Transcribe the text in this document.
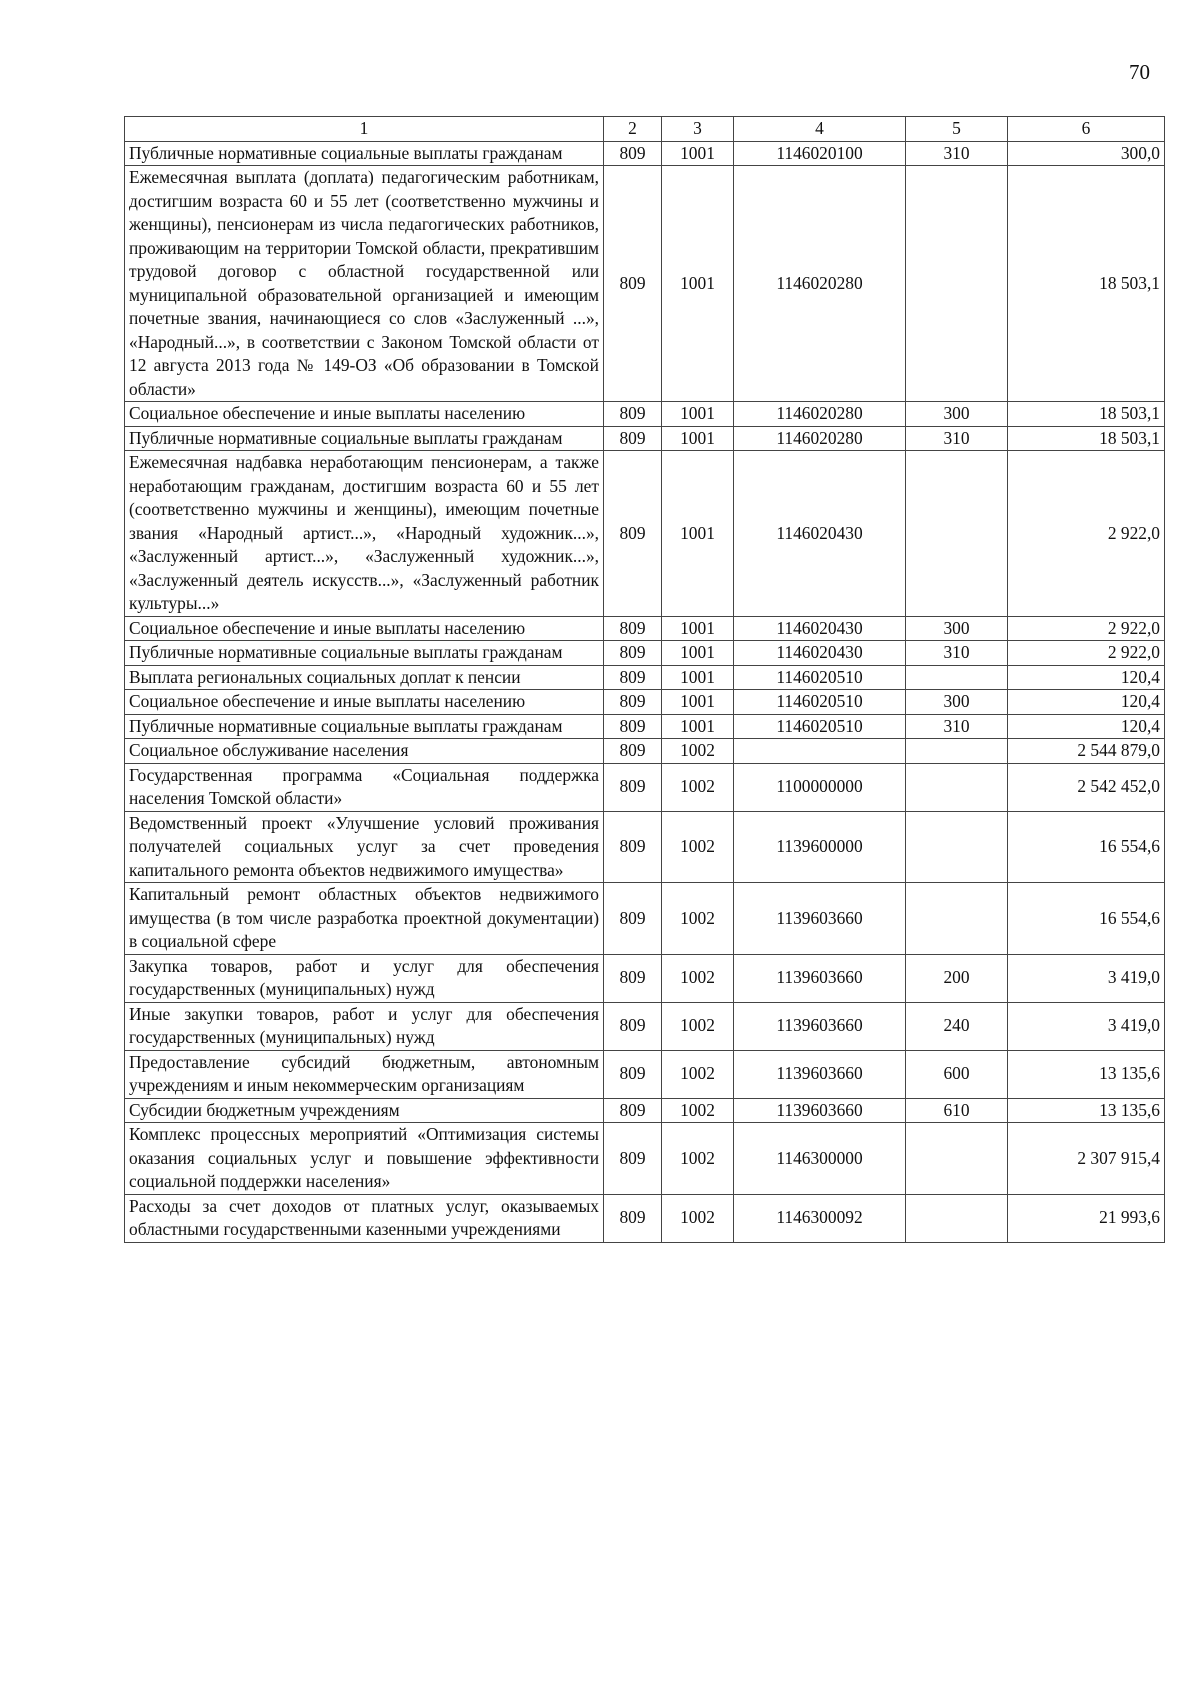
70
1	2	3	4	5	6
Публичные нормативные социальные выплаты гражданам	809	1001	1146020100	310	300,0
Ежемесячная выплата (доплата) педагогическим работникам, достигшим возраста 60 и 55 лет (соответственно мужчины и женщины), пенсионерам из числа педагогических работников, проживающим на территории Томской области, прекратившим трудовой договор с областной государственной или муниципальной образовательной организацией и имеющим почетные звания, начинающиеся со слов «Заслуженный ...», «Народный...», в соответствии с Законом Томской области от 12 августа 2013 года № 149-ОЗ «Об образовании в Томской области»	809	1001	1146020280		18 503,1
Социальное обеспечение и иные выплаты населению	809	1001	1146020280	300	18 503,1
Публичные нормативные социальные выплаты гражданам	809	1001	1146020280	310	18 503,1
Ежемесячная надбавка неработающим пенсионерам, а также неработающим гражданам, достигшим возраста 60 и 55 лет (соответственно мужчины и женщины), имеющим почетные звания «Народный артист...», «Народный художник...», «Заслуженный артист...», «Заслуженный художник...», «Заслуженный деятель искусств...», «Заслуженный работник культуры...»	809	1001	1146020430		2 922,0
Социальное обеспечение и иные выплаты населению	809	1001	1146020430	300	2 922,0
Публичные нормативные социальные выплаты гражданам	809	1001	1146020430	310	2 922,0
Выплата региональных социальных доплат к пенсии	809	1001	1146020510		120,4
Социальное обеспечение и иные выплаты населению	809	1001	1146020510	300	120,4
Публичные нормативные социальные выплаты гражданам	809	1001	1146020510	310	120,4
Социальное обслуживание населения	809	1002			2 544 879,0
Государственная программа «Социальная поддержка населения Томской области»	809	1002	1100000000		2 542 452,0
Ведомственный проект «Улучшение условий проживания получателей социальных услуг за счет проведения капитального ремонта объектов недвижимого имущества»	809	1002	1139600000		16 554,6
Капитальный ремонт областных объектов недвижимого имущества (в том числе разработка проектной документации) в социальной сфере	809	1002	1139603660		16 554,6
Закупка товаров, работ и услуг для обеспечения государственных (муниципальных) нужд	809	1002	1139603660	200	3 419,0
Иные закупки товаров, работ и услуг для обеспечения государственных (муниципальных) нужд	809	1002	1139603660	240	3 419,0
Предоставление субсидий бюджетным, автономным учреждениям и иным некоммерческим организациям	809	1002	1139603660	600	13 135,6
Субсидии бюджетным учреждениям	809	1002	1139603660	610	13 135,6
Комплекс процессных мероприятий «Оптимизация системы оказания социальных услуг и повышение эффективности социальной поддержки населения»	809	1002	1146300000		2 307 915,4
Расходы за счет доходов от платных услуг, оказываемых областными государственными казенными учреждениями	809	1002	1146300092		21 993,6
